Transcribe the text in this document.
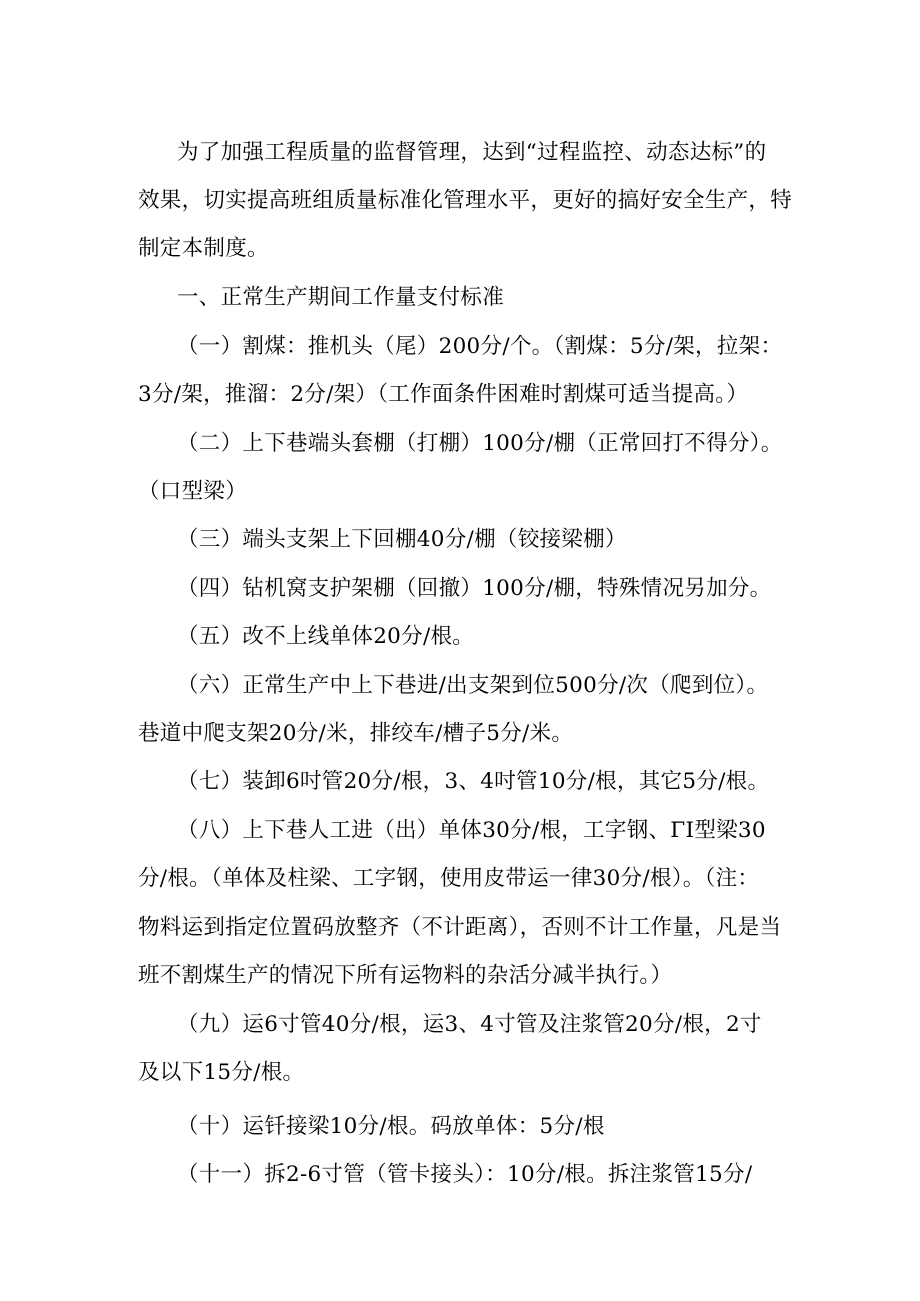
为了加强工程质量的监督管理，达到“过程监控、动态达标”的

效果，切实提高班组质量标准化管理水平，更好的搞好安全生产，特

制定本制度。

一、正常生产期间工作量支付标准

（一）割煤：推机头（尾）200分/个。（割煤：5分/架，拉架：

3分/架，推溜：2分/架）（工作面条件困难时割煤可适当提高。）

（二）上下巷端头套棚（打棚）100分/棚（正常回打不得分）。

（口型梁）

（三）端头支架上下回棚40分/棚（铰接梁棚）

（四）钻机窝支护架棚（回撤）100分/棚，特殊情况另加分。

（五）改不上线单体20分/根。

（六）正常生产中上下巷进/出支架到位500分/次（爬到位）。

巷道中爬支架20分/米，排绞车/槽子5分/米。

（七）装卸6吋管20分/根，3、4吋管10分/根，其它5分/根。

（八）上下巷人工进（出）单体30分/根，工字钢、ΓI型梁30

分/根。（单体及柱梁、工字钢，使用皮带运一律30分/根）。（注：

物料运到指定位置码放整齐（不计距离），否则不计工作量，凡是当

班不割煤生产的情况下所有运物料的杂活分减半执行。）

（九）运6寸管40分/根，运3、4寸管及注浆管20分/根，2寸

及以下15分/根。

（十）运钎接梁10分/根。码放单体：5分/根

（十一）拆2-6寸管（管卡接头）：10分/根。拆注浆管15分/
